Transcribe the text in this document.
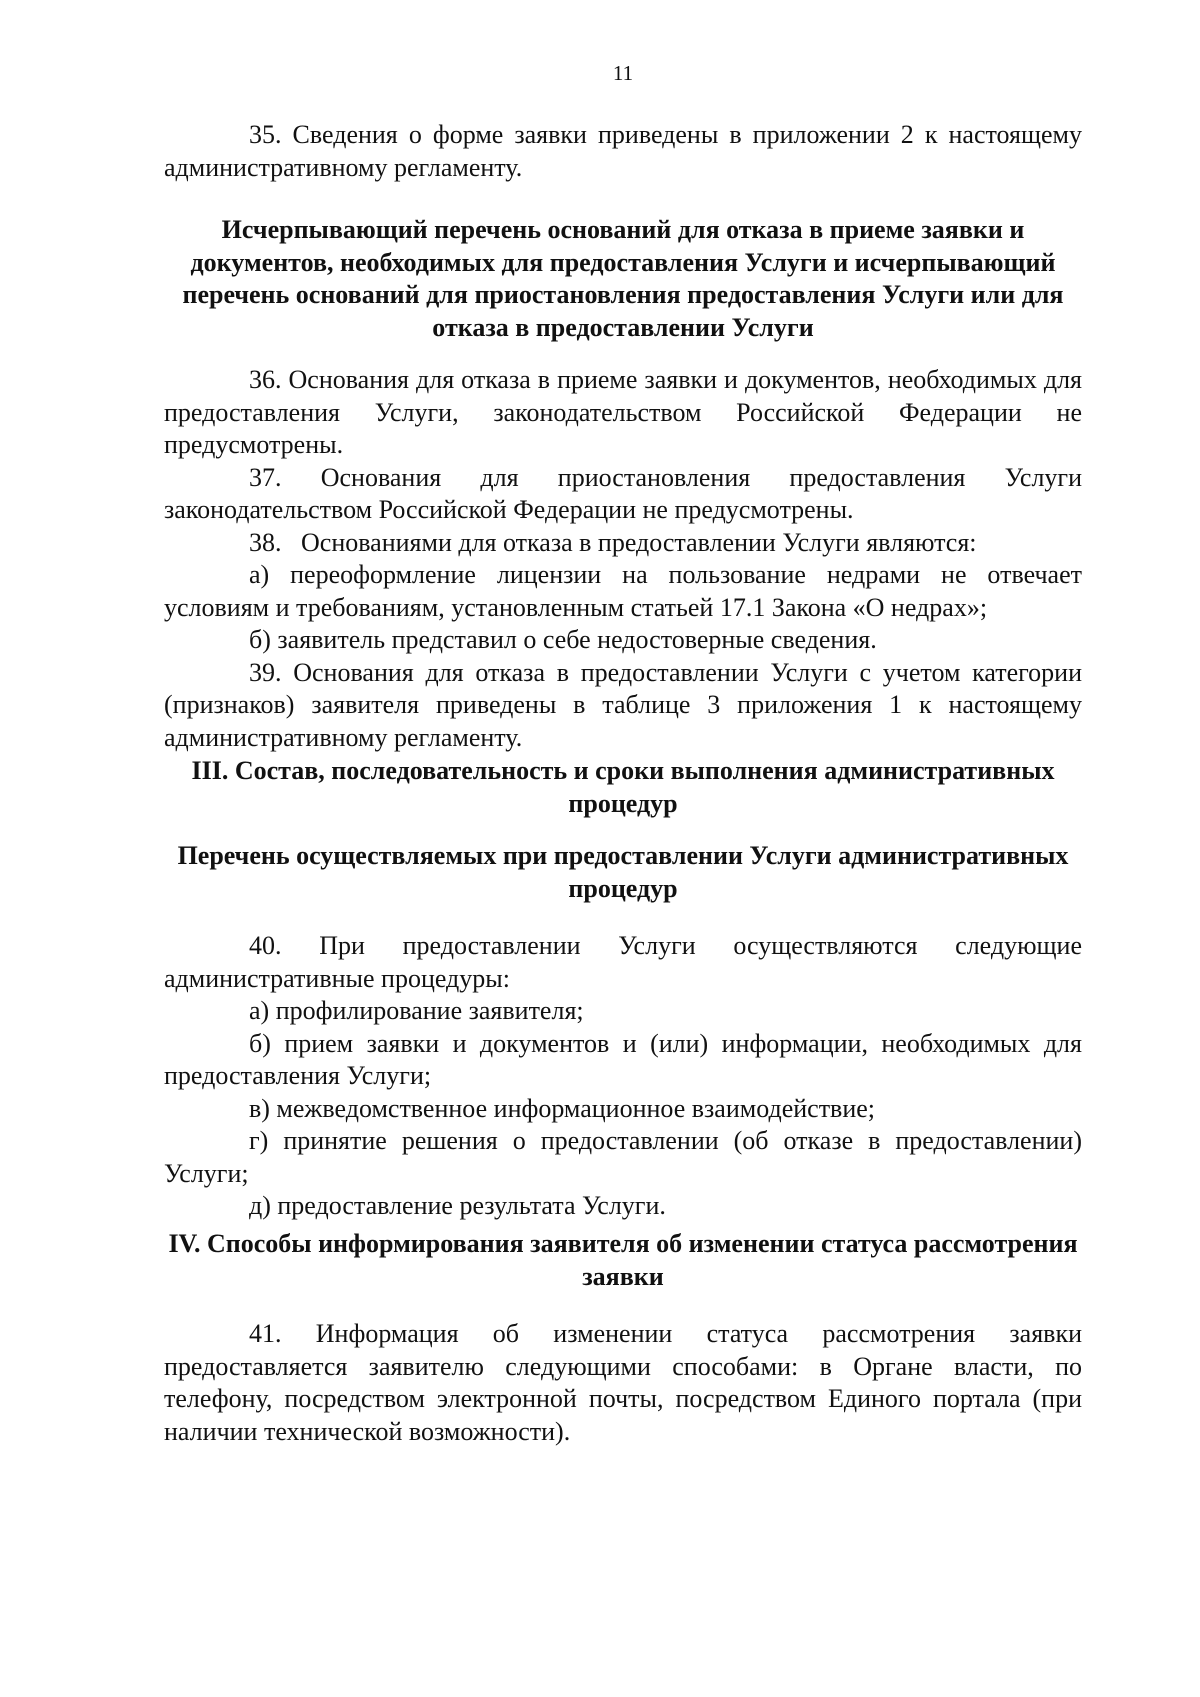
11

35. Сведения о форме заявки приведены в приложении 2 к настоящему административному регламенту.

Исчерпывающий перечень оснований для отказа в приеме заявки и документов, необходимых для предоставления Услуги и исчерпывающий перечень оснований для приостановления предоставления Услуги или для отказа в предоставлении Услуги

36. Основания для отказа в приеме заявки и документов, необходимых для предоставления Услуги, законодательством Российской Федерации не предусмотрены.

37. Основания для приостановления предоставления Услуги законодательством Российской Федерации не предусмотрены.

38.   Основаниями для отказа в предоставлении Услуги являются:

а) переоформление лицензии на пользование недрами не отвечает условиям и требованиям, установленным статьей 17.1 Закона «О недрах»;

б) заявитель представил о себе недостоверные сведения.

39. Основания для отказа в предоставлении Услуги с учетом категории (признаков) заявителя приведены в таблице 3 приложения 1 к настоящему административному регламенту.

III. Состав, последовательность и сроки выполнения административных процедур
Перечень осуществляемых при предоставлении Услуги административных процедур

40. При предоставлении Услуги осуществляются следующие административные процедуры:

а) профилирование заявителя;

б) прием заявки и документов и (или) информации, необходимых для предоставления Услуги;

в) межведомственное информационное взаимодействие;

г) принятие решения о предоставлении (об отказе в предоставлении) Услуги;

д) предоставление результата Услуги.

IV. Способы информирования заявителя об изменении статуса рассмотрения заявки

41. Информация об изменении статуса рассмотрения заявки предоставляется заявителю следующими способами: в Органе власти, по телефону, посредством электронной почты, посредством Единого портала (при наличии технической возможности).
